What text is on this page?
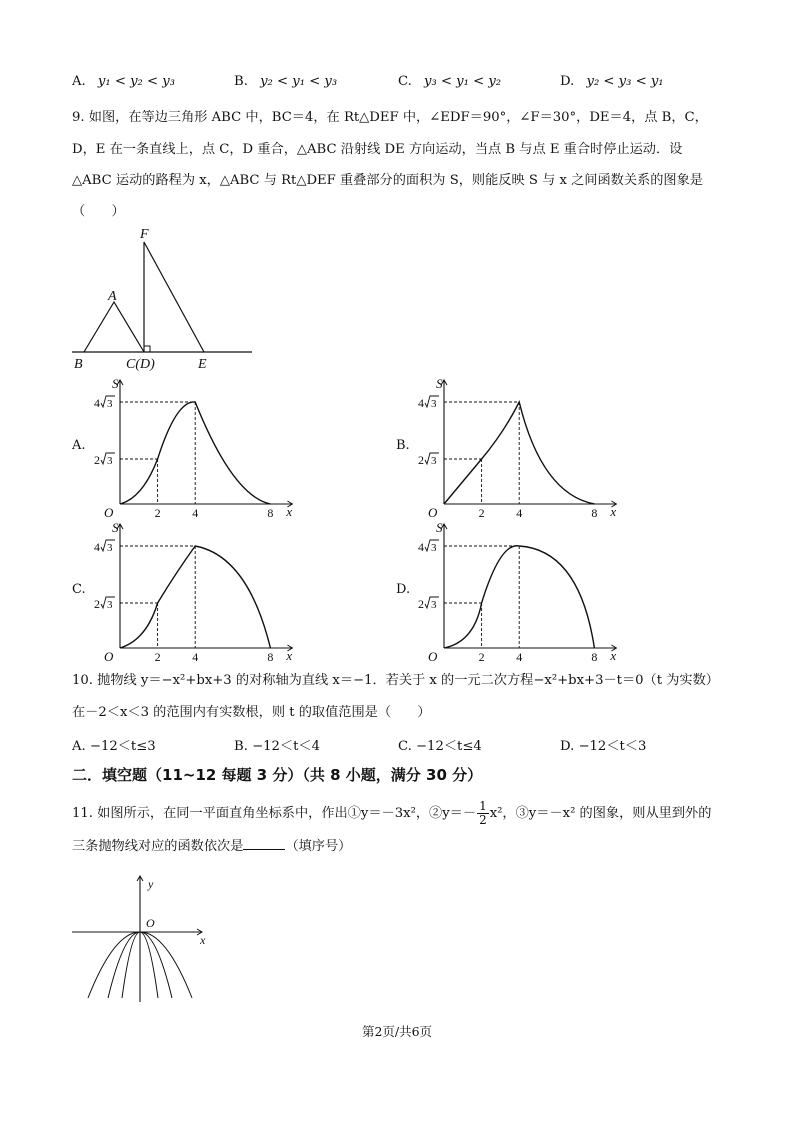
A. y₁ < y₂ < y₃	B. y₂ < y₁ < y₃	C. y₃ < y₁ < y₂	D. y₂ < y₃ < y₁
9. 如图，在等边三角形 ABC 中，BC＝4，在 Rt△DEF 中，∠EDF＝90°，∠F＝30°，DE＝4，点 B，C，
D，E 在一条直线上，点 C，D 重合，△ABC 沿射线 DE 方向运动，当点 B 与点 E 重合时停止运动．设
△ABC 运动的路程为 x，△ABC 与 Rt△DEF 重叠部分的面积为 S，则能反映 S 与 x 之间函数关系的图象是
（　　）
F
A
B	C(D)	E
A.	B.
C.	D.
S
x
O
4 3
2 3
2	4	8
S
x
O
4 3
2 3
2	4	8
S
x
O
4 3
2 3
2	4	8
S
x
O
4 3
2 3
2	4	8
10. 抛物线 y＝−x²+bx+3 的对称轴为直线 x＝−1．若关于 x 的一元二次方程−x²+bx+3－t＝0（t 为实数）
在－2＜x＜3 的范围内有实数根，则 t 的取值范围是（　　）
A. −12＜t≤3	B. −12＜t＜4	C. −12＜t≤4	D. −12＜t＜3
二．填空题（11~12 每题 3 分）（共 8 小题，满分 30 分）
11. 如图所示，在同一平面直角坐标系中，作出①y＝－3x²，②y＝－ $\frac{1}{2} x^2$，③y＝－x² 的图象，则从里到外的
三条抛物线对应的函数依次是	（填序号）
y
O
x
第2页/共6页
